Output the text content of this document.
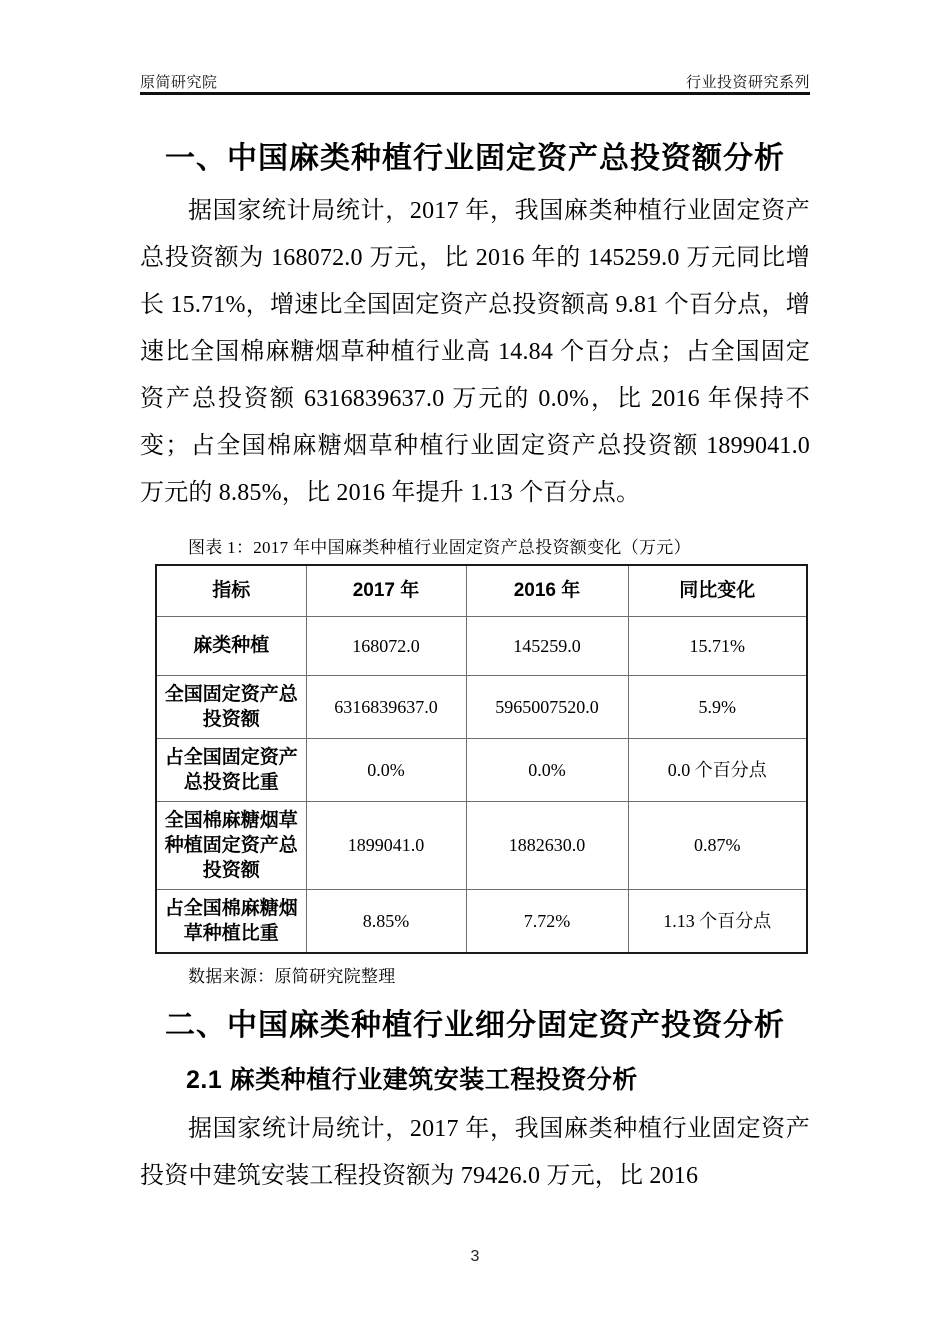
原简研究院	行业投资研究系列
一、中国麻类种植行业固定资产总投资额分析

据国家统计局统计，2017 年，我国麻类种植行业固定资产总投资额为 168072.0 万元，比 2016 年的 145259.0 万元同比增长 15.71%，增速比全国固定资产总投资额高 9.81 个百分点，增速比全国棉麻糖烟草种植行业高 14.84 个百分点；占全国固定资产总投资额 6316839637.0 万元的 0.0%，比 2016 年保持不变；占全国棉麻糖烟草种植行业固定资产总投资额 1899041.0 万元的 8.85%，比 2016 年提升 1.13 个百分点。

图表 1：2017 年中国麻类种植行业固定资产总投资额变化（万元）
指标	2017 年	2016 年	同比变化
麻类种植	168072.0	145259.0	15.71%
全国固定资产总投资额	6316839637.0	5965007520.0	5.9%
占全国固定资产总投资比重	0.0%	0.0%	0.0 个百分点
全国棉麻糖烟草种植固定资产总投资额	1899041.0	1882630.0	0.87%
占全国棉麻糖烟草种植比重	8.85%	7.72%	1.13 个百分点
数据来源：原简研究院整理
二、中国麻类种植行业细分固定资产投资分析
2.1 麻类种植行业建筑安装工程投资分析

据国家统计局统计，2017 年，我国麻类种植行业固定资产投资中建筑安装工程投资额为 79426.0 万元，比 2016

3
